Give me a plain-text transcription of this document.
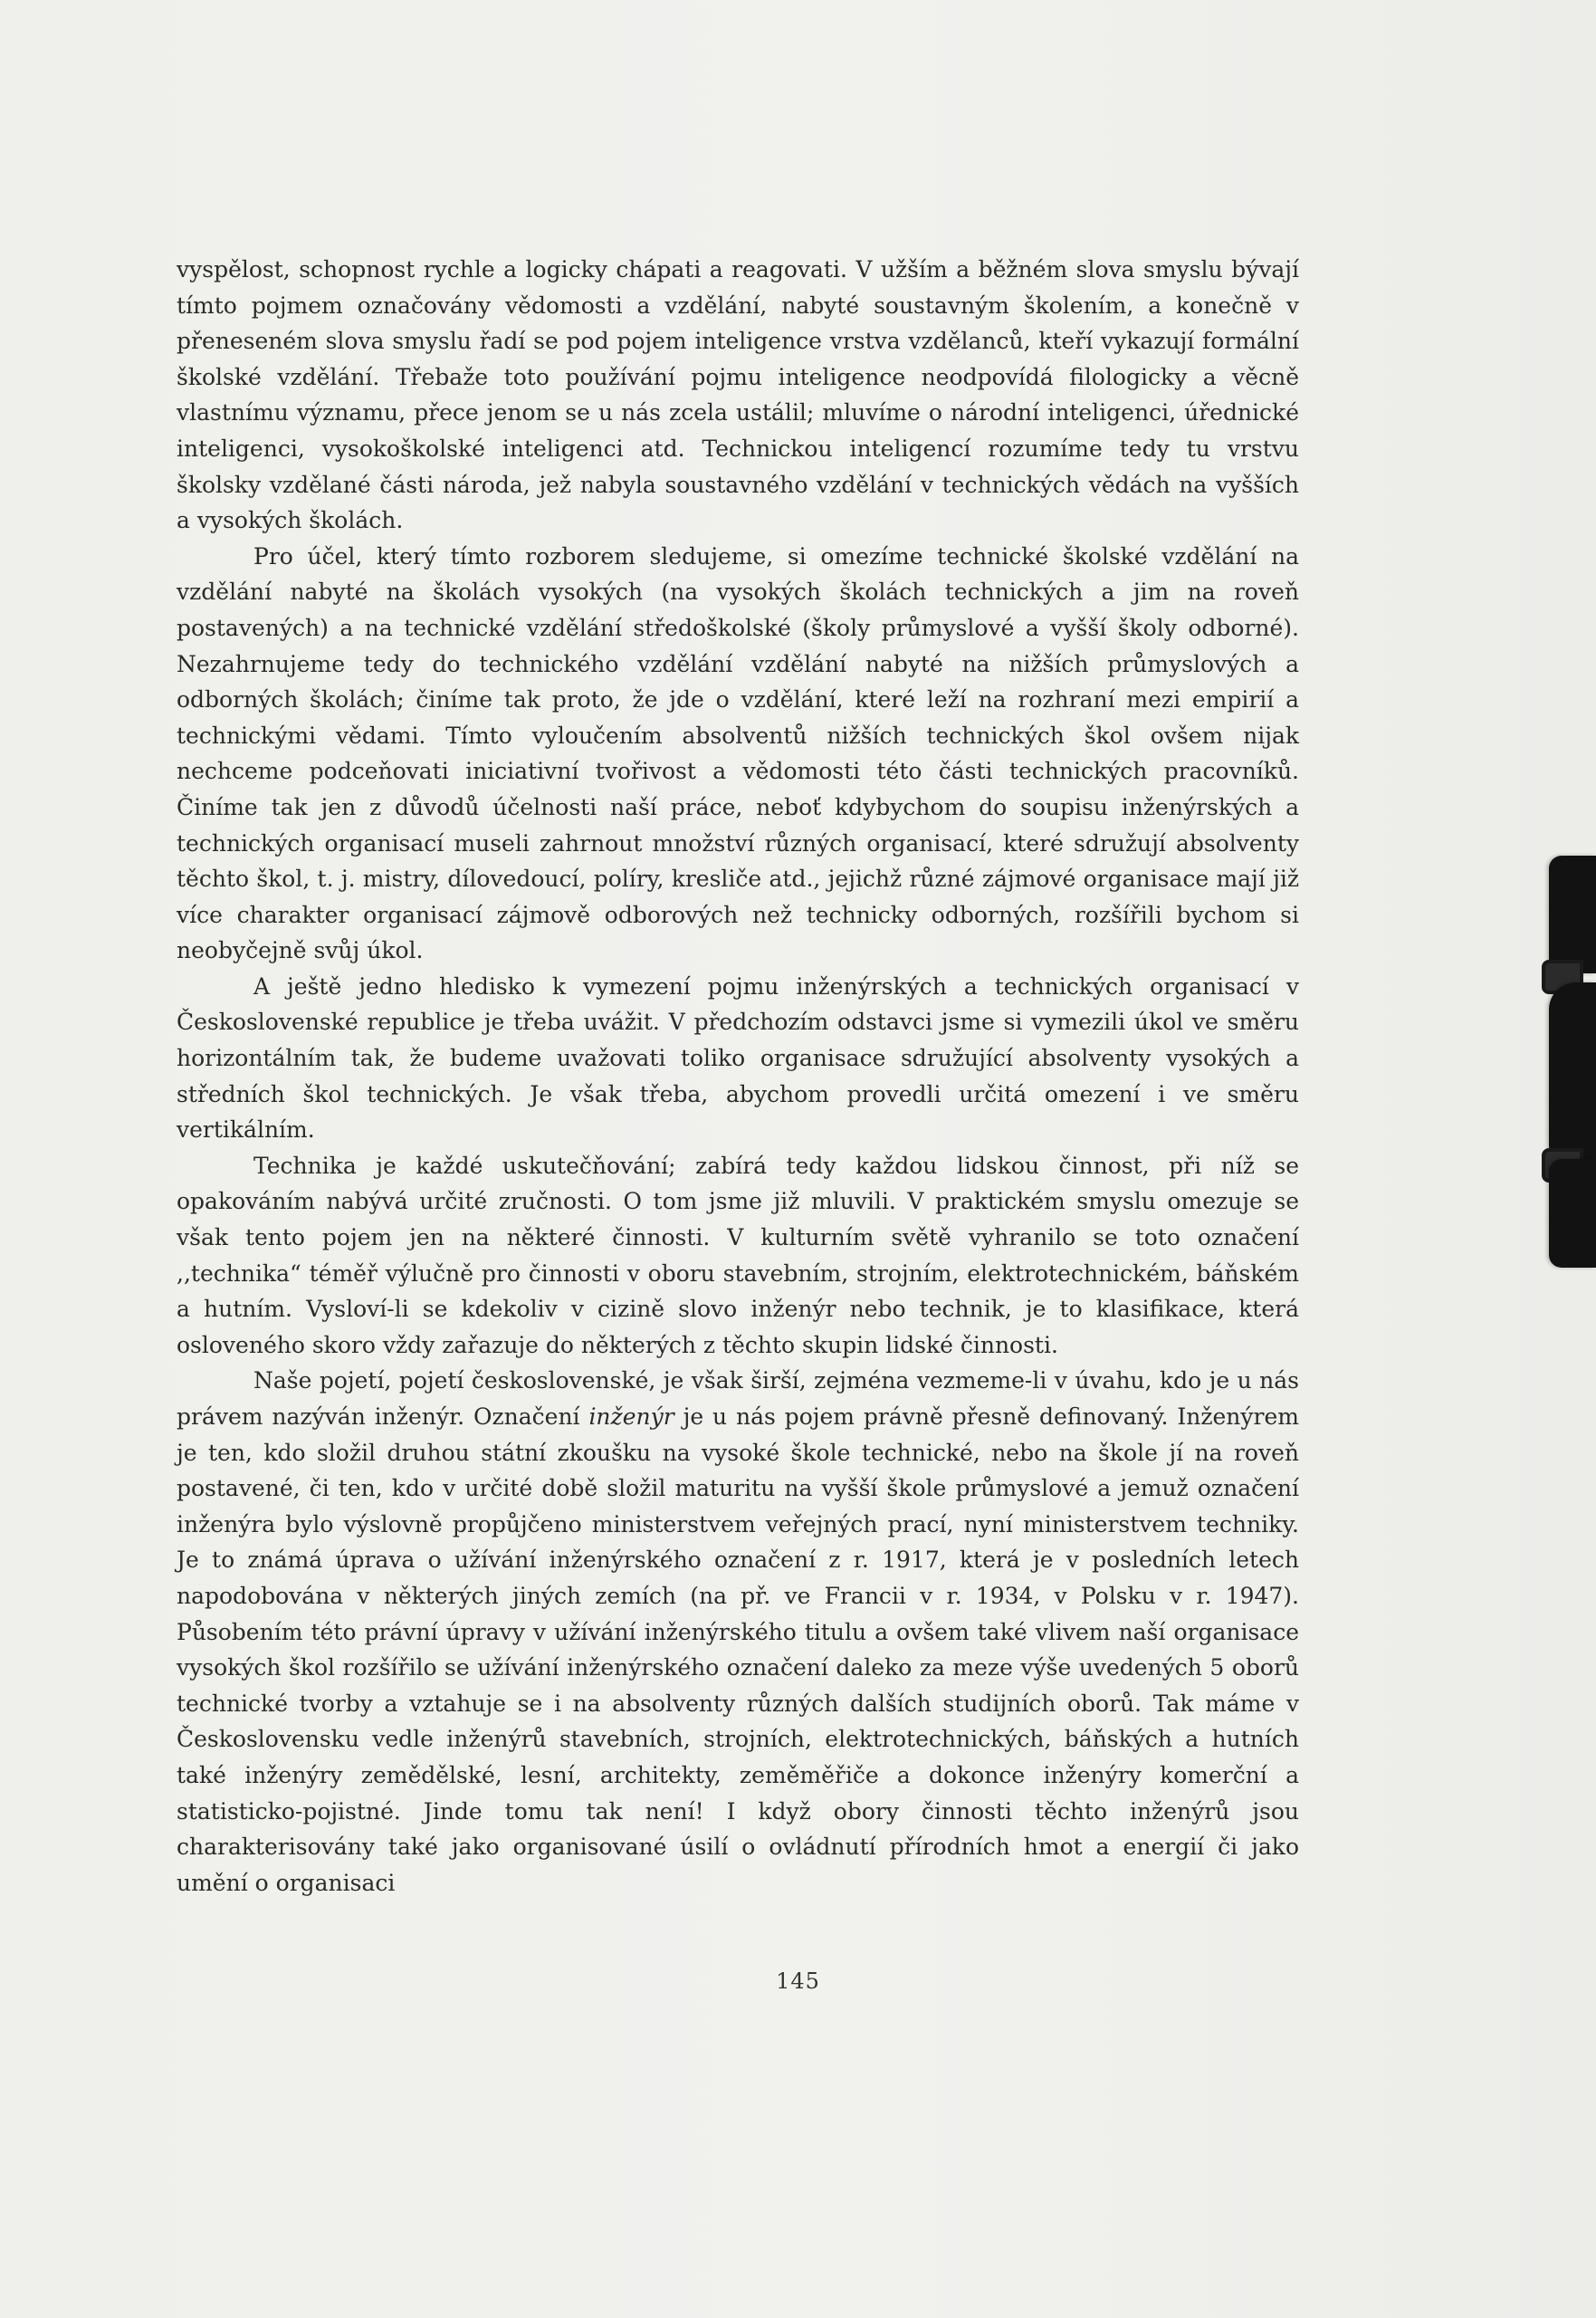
vyspělost, schopnost rychle a logicky chápati a reagovati. V užším a běžném slova smyslu bývají tímto pojmem označovány vědomosti a vzdělání, nabyté soustavným školením, a konečně v přeneseném slova smyslu řadí se pod pojem inteligence vrstva vzdělanců, kteří vykazují formální školské vzdělání. Třebaže toto používání pojmu inteligence neodpovídá filologicky a věcně vlastnímu významu, přece jenom se u nás zcela ustálil; mluvíme o národní inteligenci, úřednické inteligenci, vysokoškolské inteligenci atd. Technickou inteligencí rozumíme tedy tu vrstvu školsky vzdělané části národa, jež nabyla soustavného vzdělání v technických vědách na vyšších a vysokých školách.

Pro účel, který tímto rozborem sledujeme, si omezíme technické školské vzdělání na vzdělání nabyté na školách vysokých (na vysokých školách technických a jim na roveň postavených) a na technické vzdělání středoškolské (školy průmyslové a vyšší školy odborné). Nezahrnujeme tedy do technického vzdělání vzdělání nabyté na nižších průmyslových a odborných školách; činíme tak proto, že jde o vzdělání, které leží na rozhraní mezi empirií a technickými vědami. Tímto vyloučením absolventů nižších technických škol ovšem nijak nechceme podceňovati iniciativní tvořivost a vědomosti této části technických pracovníků. Činíme tak jen z důvodů účelnosti naší práce, neboť kdybychom do soupisu inženýrských a technických organisací museli zahrnout množství různých organisací, které sdružují absolventy těchto škol, t. j. mistry, dílovedoucí, políry, kresliče atd., jejichž různé zájmové organisace mají již více charakter organisací zájmově odborových než technicky odborných, rozšířili bychom si neobyčejně svůj úkol.

A ještě jedno hledisko k vymezení pojmu inženýrských a technických organisací v Československé republice je třeba uvážit. V předchozím odstavci jsme si vymezili úkol ve směru horizontálním tak, že budeme uvažovati toliko organisace sdružující absolventy vysokých a středních škol technických. Je však třeba, abychom provedli určitá omezení i ve směru vertikálním.

Technika je každé uskutečňování; zabírá tedy každou lidskou činnost, při níž se opakováním nabývá určité zručnosti. O tom jsme již mluvili. V praktickém smyslu omezuje se však tento pojem jen na některé činnosti. V kulturním světě vyhranilo se toto označení ,,technika“ téměř výlučně pro činnosti v oboru stavebním, strojním, elektrotechnickém, báňském a hutním. Vysloví-li se kdekoliv v cizině slovo inženýr nebo technik, je to klasifikace, která osloveného skoro vždy zařazuje do některých z těchto skupin lidské činnosti.

Naše pojetí, pojetí československé, je však širší, zejména vezmeme-li v úvahu, kdo je u nás právem nazýván inženýr. Označení inženýr je u nás pojem právně přesně definovaný. Inženýrem je ten, kdo složil druhou státní zkoušku na vysoké škole technické, nebo na škole jí na roveň postavené, či ten, kdo v určité době složil maturitu na vyšší škole průmyslové a jemuž označení inženýra bylo výslovně propůjčeno ministerstvem veřejných prací, nyní ministerstvem techniky. Je to známá úprava o užívání inženýrského označení z r. 1917, která je v posledních letech napodobována v některých jiných zemích (na př. ve Francii v r. 1934, v Polsku v r. 1947). Působením této právní úpravy v užívání inženýrského titulu a ovšem také vlivem naší organisace vysokých škol rozšířilo se užívání inženýrského označení daleko za meze výše uvedených 5 oborů technické tvorby a vztahuje se i na absolventy různých dalších studijních oborů. Tak máme v Československu vedle inženýrů stavebních, strojních, elektrotechnických, báňských a hutních také inženýry zemědělské, lesní, architekty, zeměměřiče a dokonce inženýry komerční a statisticko-pojistné. Jinde tomu tak není! I když obory činnosti těchto inženýrů jsou charakterisovány také jako organisované úsilí o ovládnutí přírodních hmot a energií či jako umění o organisaci

145
